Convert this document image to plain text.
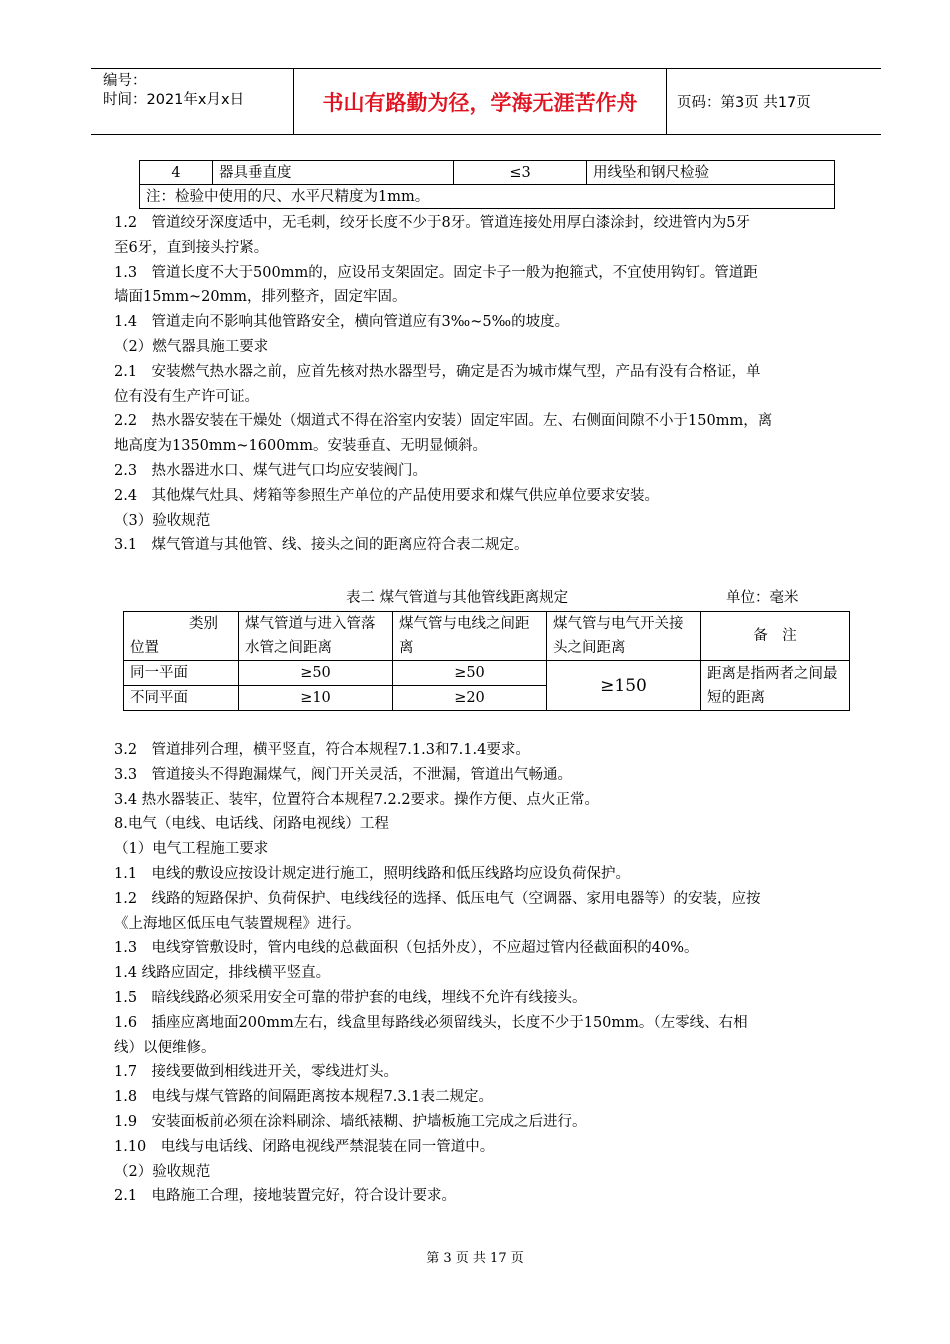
编号：
时间：2021年x月x日	书山有路勤为径，学海无涯苦作舟	页码：第3页 共17页
4	器具垂直度	≤3	用线坠和钢尺检验
注：检验中使用的尺、水平尺精度为1mm。
1.2　管道绞牙深度适中，无毛刺，绞牙长度不少于8牙。管道连接处用厚白漆涂封，绞进管内为5牙
至6牙，直到接头拧紧。
1.3　管道长度不大于500mm的，应设吊支架固定。固定卡子一般为抱箍式，不宜使用钩钉。管道距
墙面15mm~20mm，排列整齐，固定牢固。
1.4　管道走向不影响其他管路安全，横向管道应有3‰~5‰的坡度。
（2）燃气器具施工要求
2.1　安装燃气热水器之前，应首先核对热水器型号，确定是否为城市煤气型，产品有没有合格证，单
位有没有生产许可证。
2.2　热水器安装在干燥处（烟道式不得在浴室内安装）固定牢固。左、右侧面间隙不小于150mm，离
地高度为1350mm~1600mm。安装垂直、无明显倾斜。
2.3　热水器进水口、煤气进气口均应安装阀门。
2.4　其他煤气灶具、烤箱等参照生产单位的产品使用要求和煤气供应单位要求安装。
（3）验收规范
3.1　煤气管道与其他管、线、接头之间的距离应符合表二规定。
表二 煤气管道与其他管线距离规定	单位：毫米
类别
位置	煤气管道与进入管落水管之间距离	煤气管与电线之间距离	煤气管与电气开关接头之间距离	备　注
同一平面	≥50	≥50	≥150	距离是指两者之间最短的距离
不同平面	≥10	≥20		
3.2　管道排列合理，横平竖直，符合本规程7.1.3和7.1.4要求。
3.3　管道接头不得跑漏煤气，阀门开关灵活，不泄漏，管道出气畅通。
3.4 热水器装正、装牢，位置符合本规程7.2.2要求。操作方便、点火正常。
8.电气（电线、电话线、闭路电视线）工程
（1）电气工程施工要求
1.1　电线的敷设应按设计规定进行施工，照明线路和低压线路均应设负荷保护。
1.2　线路的短路保护、负荷保护、电线线径的选择、低压电气（空调器、家用电器等）的安装，应按
《上海地区低压电气装置规程》进行。
1.3　电线穿管敷设时，管内电线的总截面积（包括外皮），不应超过管内径截面积的40%。
1.4 线路应固定，排线横平竖直。
1.5　暗线线路必须采用安全可靠的带护套的电线，埋线不允许有线接头。
1.6　插座应离地面200mm左右，线盒里每路线必须留线头，长度不少于150mm。（左零线、右相
线）以便维修。
1.7　接线要做到相线进开关，零线进灯头。
1.8　电线与煤气管路的间隔距离按本规程7.3.1表二规定。
1.9　安装面板前必须在涂料刷涂、墙纸裱糊、护墙板施工完成之后进行。
1.10　电线与电话线、闭路电视线严禁混装在同一管道中。
（2）验收规范
2.1　电路施工合理，接地装置完好，符合设计要求。
第 3 页 共 17 页
